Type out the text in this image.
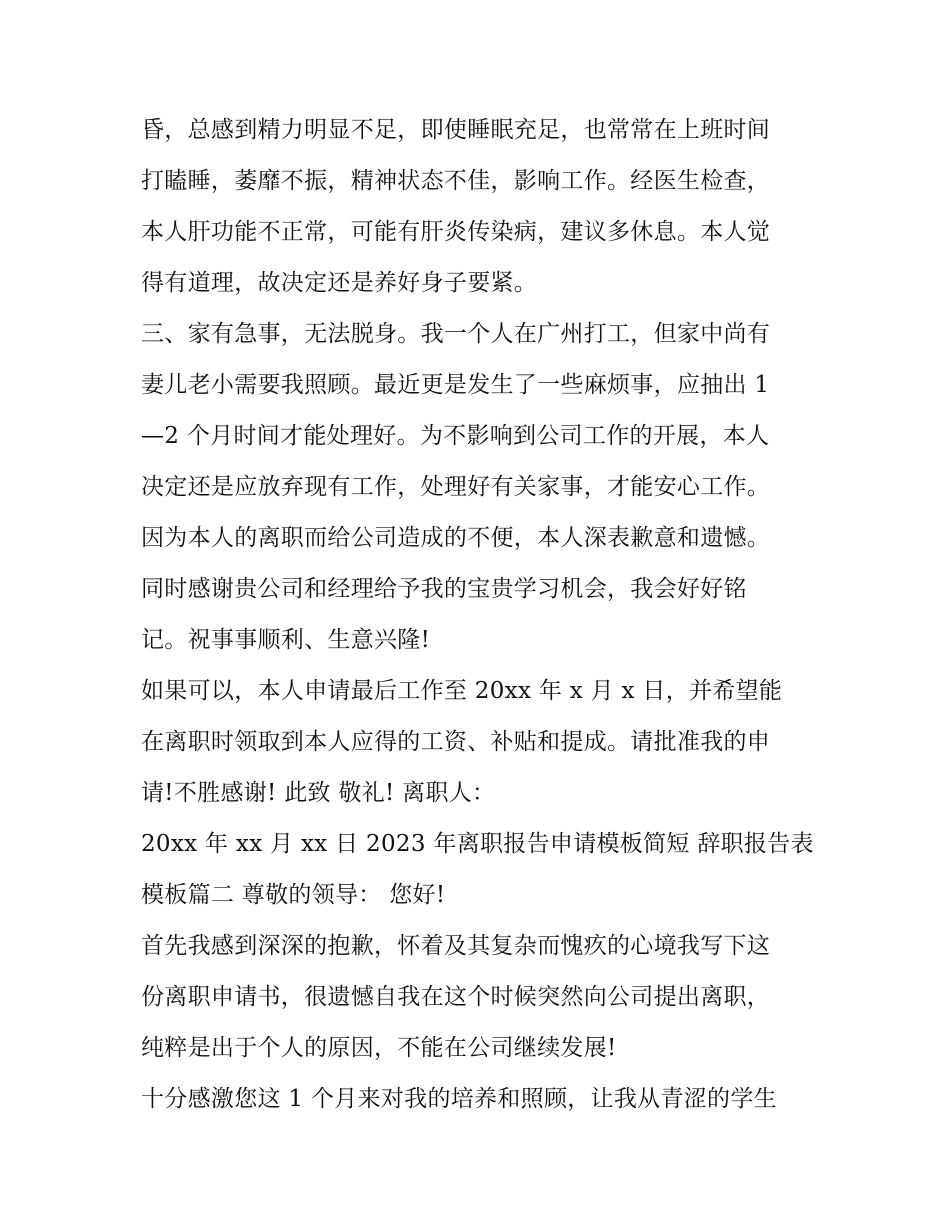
昏，总感到精力明显不足，即使睡眠充足，也常常在上班时间
打瞌睡，萎靡不振，精神状态不佳，影响工作。经医生检查，
本人肝功能不正常，可能有肝炎传染病，建议多休息。本人觉
得有道理，故决定还是养好身子要紧。
三、家有急事，无法脱身。我一个人在广州打工，但家中尚有
妻儿老小需要我照顾。最近更是发生了一些麻烦事，应抽出 1
—2 个月时间才能处理好。为不影响到公司工作的开展，本人
决定还是应放弃现有工作，处理好有关家事，才能安心工作。
因为本人的离职而给公司造成的不便，本人深表歉意和遗憾。
同时感谢贵公司和经理给予我的宝贵学习机会，我会好好铭
记。祝事事顺利、生意兴隆!
如果可以，本人申请最后工作至 20xx 年 x 月 x 日，并希望能
在离职时领取到本人应得的工资、补贴和提成。请批准我的申
请!不胜感谢! 此致 敬礼! 离职人：
20xx 年 xx 月 xx 日 2023 年离职报告申请模板简短 辞职报告表
模板篇二 尊敬的领导： 您好!
首先我感到深深的抱歉，怀着及其复杂而愧疚的心境我写下这
份离职申请书，很遗憾自我在这个时候突然向公司提出离职，
纯粹是出于个人的原因，不能在公司继续发展!
十分感激您这 1 个月来对我的培养和照顾，让我从青涩的学生
